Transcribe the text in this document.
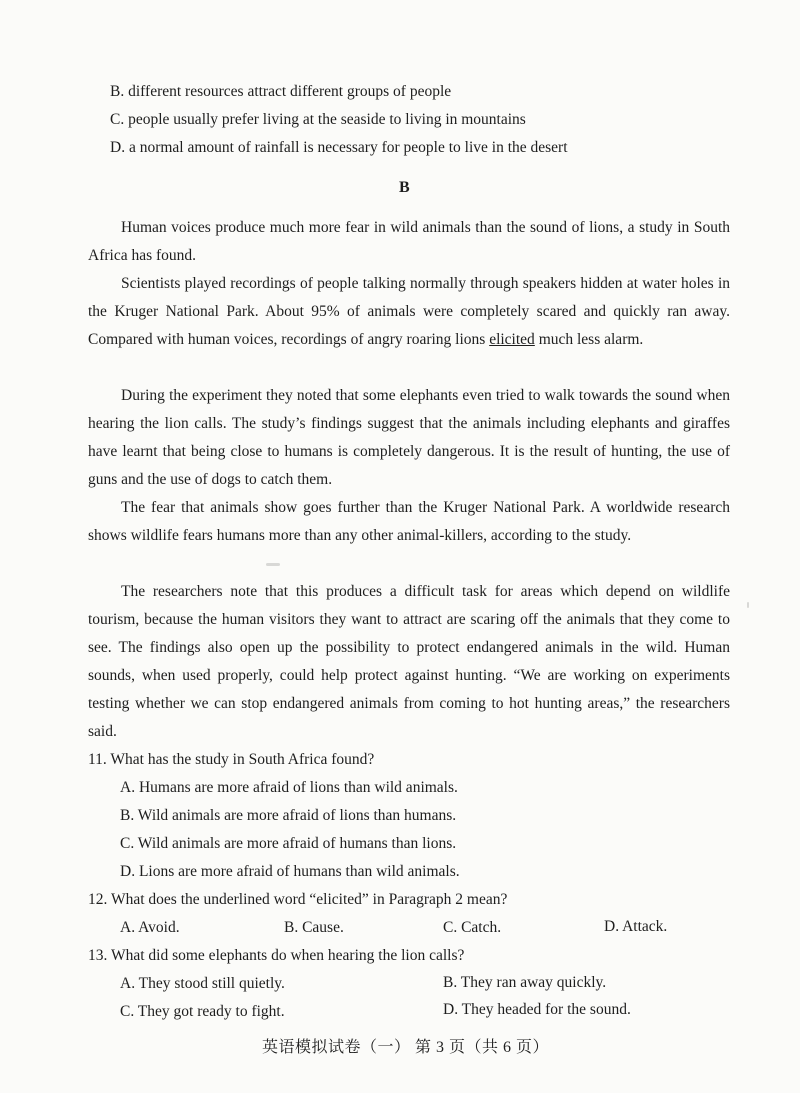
B. different resources attract different groups of people
C. people usually prefer living at the seaside to living in mountains
D. a normal amount of rainfall is necessary for people to live in the desert
B
Human voices produce much more fear in wild animals than the sound of lions, a study in South Africa has found.
Scientists played recordings of people talking normally through speakers hidden at water holes in the Kruger National Park. About 95% of animals were completely scared and quickly ran away. Compared with human voices, recordings of angry roaring lions elicited much less alarm.
During the experiment they noted that some elephants even tried to walk towards the sound when hearing the lion calls. The study’s findings suggest that the animals including elephants and giraffes have learnt that being close to humans is completely dangerous. It is the result of hunting, the use of guns and the use of dogs to catch them.
The fear that animals show goes further than the Kruger National Park. A worldwide research shows wildlife fears humans more than any other animal-killers, according to the study.
The researchers note that this produces a difficult task for areas which depend on wildlife tourism, because the human visitors they want to attract are scaring off the animals that they come to see. The findings also open up the possibility to protect endangered animals in the wild. Human sounds, when used properly, could help protect against hunting. “We are working on experiments testing whether we can stop endangered animals from coming to hot hunting areas,” the researchers said.
11. What has the study in South Africa found?
A. Humans are more afraid of lions than wild animals.
B. Wild animals are more afraid of lions than humans.
C. Wild animals are more afraid of humans than lions.
D. Lions are more afraid of humans than wild animals.
12. What does the underlined word “elicited” in Paragraph 2 mean?
A. Avoid.	B. Cause.	C. Catch.	D. Attack.
13. What did some elephants do when hearing the lion calls?
A. They stood still quietly.	B. They ran away quickly.
C. They got ready to fight.	D. They headed for the sound.
英语模拟试卷（一） 第 3 页（共 6 页）
